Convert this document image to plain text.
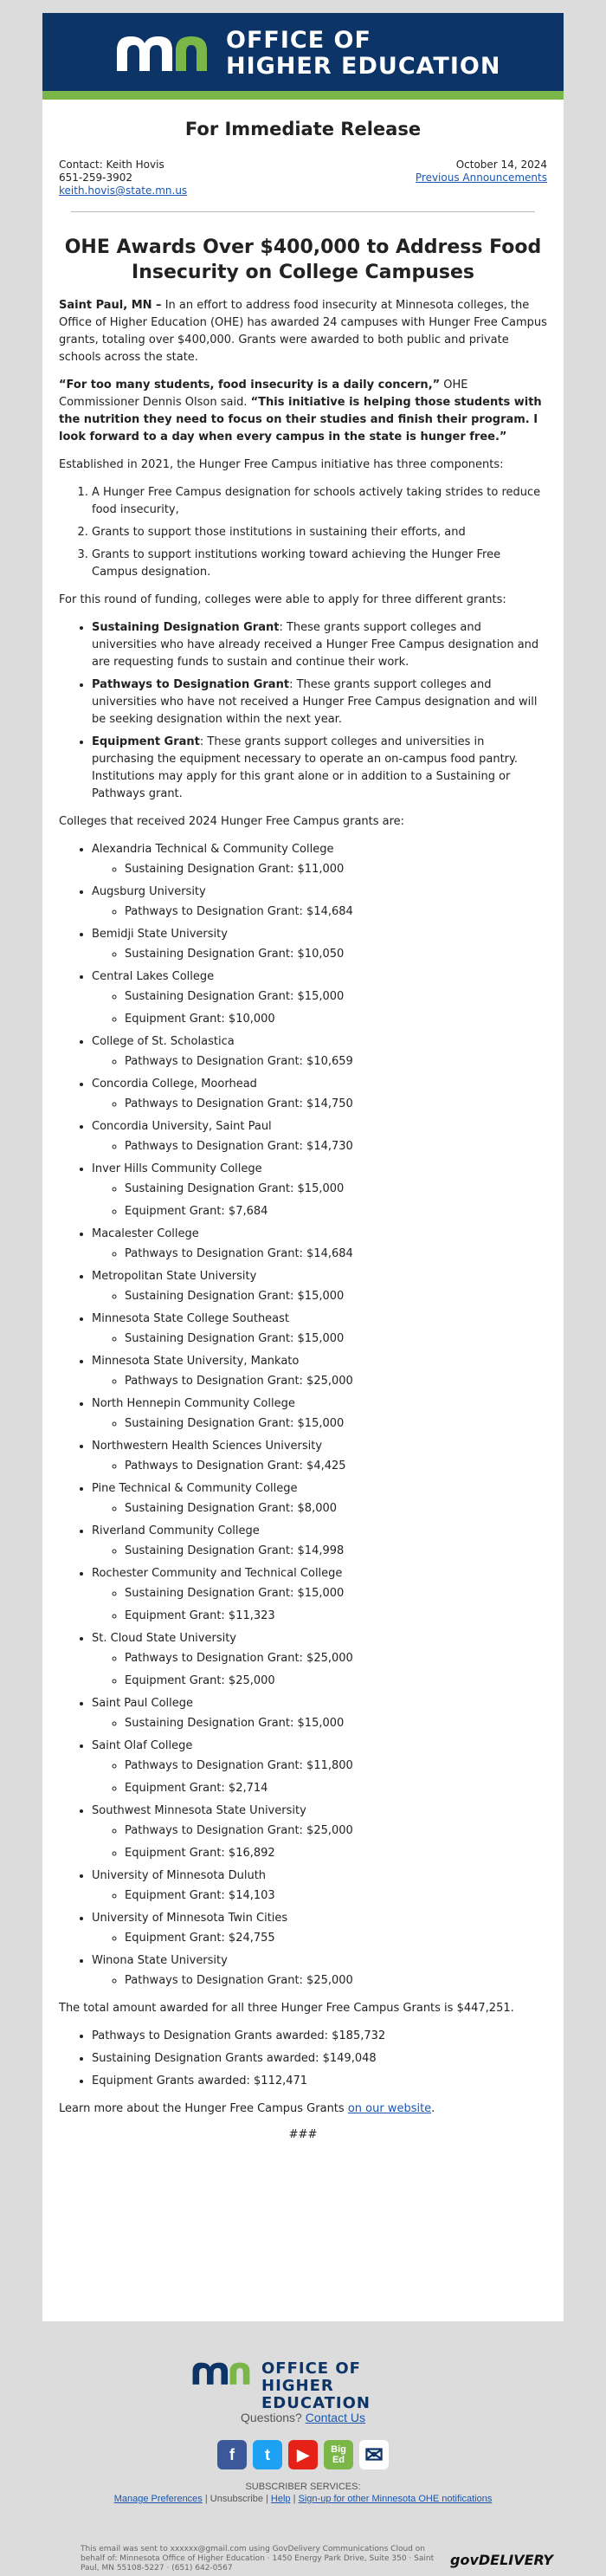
OFFICE OF
HIGHER EDUCATION
For Immediate Release
Contact: Keith Hovis
651-259-3902
keith.hovis@state.mn.us
October 14, 2024
Previous Announcements
OHE Awards Over $400,000 to Address Food Insecurity on College Campuses

Saint Paul, MN – In an effort to address food insecurity at Minnesota colleges, the Office of Higher Education (OHE) has awarded 24 campuses with Hunger Free Campus grants, totaling over $400,000. Grants were awarded to both public and private schools across the state.

“For too many students, food insecurity is a daily concern,” OHE Commissioner Dennis Olson said. “This initiative is helping those students with the nutrition they need to focus on their studies and finish their program. I look forward to a day when every campus in the state is hunger free.”

Established in 2021, the Hunger Free Campus initiative has three components:

1. A Hunger Free Campus designation for schools actively taking strides to reduce food insecurity,
2. Grants to support those institutions in sustaining their efforts, and
3. Grants to support institutions working toward achieving the Hunger Free Campus designation.

For this round of funding, colleges were able to apply for three different grants:

• Sustaining Designation Grant: These grants support colleges and universities who have already received a Hunger Free Campus designation and are requesting funds to sustain and continue their work.
• Pathways to Designation Grant: These grants support colleges and universities who have not received a Hunger Free Campus designation and will be seeking designation within the next year.
• Equipment Grant: These grants support colleges and universities in purchasing the equipment necessary to operate an on-campus food pantry. Institutions may apply for this grant alone or in addition to a Sustaining or Pathways grant.

Colleges that received 2024 Hunger Free Campus grants are:

• Alexandria Technical & Community College
◦ Sustaining Designation Grant: $11,000
• Augsburg University
◦ Pathways to Designation Grant: $14,684
• Bemidji State University
◦ Sustaining Designation Grant: $10,050
• Central Lakes College
◦ Sustaining Designation Grant: $15,000
◦ Equipment Grant: $10,000
• College of St. Scholastica
◦ Pathways to Designation Grant: $10,659
• Concordia College, Moorhead
◦ Pathways to Designation Grant: $14,750
• Concordia University, Saint Paul
◦ Pathways to Designation Grant: $14,730
• Inver Hills Community College
◦ Sustaining Designation Grant: $15,000
◦ Equipment Grant: $7,684
• Macalester College
◦ Pathways to Designation Grant: $14,684
• Metropolitan State University
◦ Sustaining Designation Grant: $15,000
• Minnesota State College Southeast
◦ Sustaining Designation Grant: $15,000
• Minnesota State University, Mankato
◦ Pathways to Designation Grant: $25,000
• North Hennepin Community College
◦ Sustaining Designation Grant: $15,000
• Northwestern Health Sciences University
◦ Pathways to Designation Grant: $4,425
• Pine Technical & Community College
◦ Sustaining Designation Grant: $8,000
• Riverland Community College
◦ Sustaining Designation Grant: $14,998
• Rochester Community and Technical College
◦ Sustaining Designation Grant: $15,000
◦ Equipment Grant: $11,323
• St. Cloud State University
◦ Pathways to Designation Grant: $25,000
◦ Equipment Grant: $25,000
• Saint Paul College
◦ Sustaining Designation Grant: $15,000
• Saint Olaf College
◦ Pathways to Designation Grant: $11,800
◦ Equipment Grant: $2,714
• Southwest Minnesota State University
◦ Pathways to Designation Grant: $25,000
◦ Equipment Grant: $16,892
• University of Minnesota Duluth
◦ Equipment Grant: $14,103
• University of Minnesota Twin Cities
◦ Equipment Grant: $24,755
• Winona State University
◦ Pathways to Designation Grant: $25,000

The total amount awarded for all three Hunger Free Campus Grants is $447,251.

• Pathways to Designation Grants awarded: $185,732
• Sustaining Designation Grants awarded: $149,048
• Equipment Grants awarded: $112,471

Learn more about the Hunger Free Campus Grants on our website.

###
OFFICE OF
HIGHER EDUCATION
Questions? Contact Us
f	t	▶	Big
Ed ✉
SUBSCRIBER SERVICES:
Manage Preferences | Unsubscribe | Help | Sign-up for other Minnesota OHE notifications
This email was sent to xxxxxx@gmail.com using GovDelivery Communications Cloud on behalf of: Minnesota Office of Higher Education · 1450 Energy Park Drive, Suite 350 · Saint Paul, MN 55108-5227 · (651) 642-0567	govDELIVERY
